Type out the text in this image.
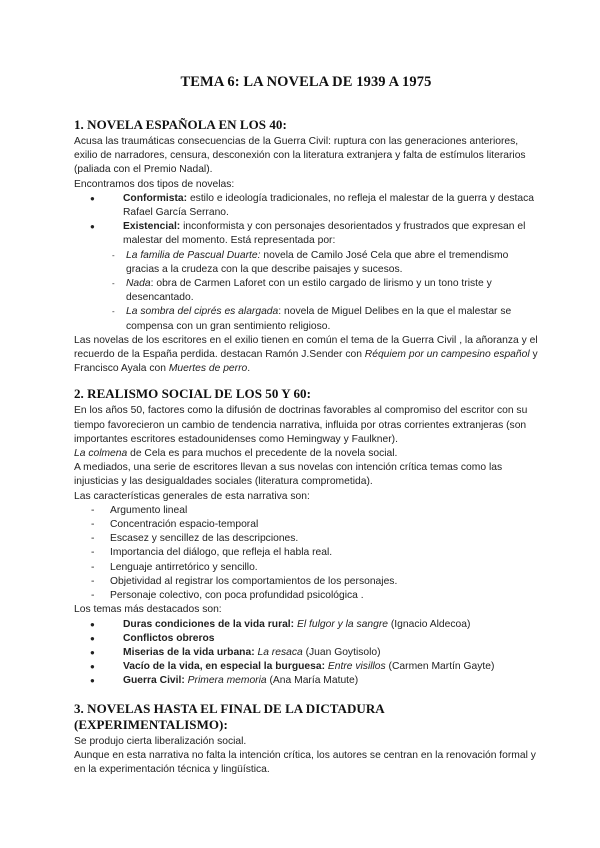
TEMA 6: LA NOVELA DE 1939 A 1975
1. NOVELA ESPAÑOLA EN LOS 40:

Acusa las traumáticas consecuencias de la Guerra Civil: ruptura con las generaciones anteriores, exilio de narradores, censura, desconexión con la literatura extranjera y falta de estímulos literarios (paliada con el Premio Nadal).

Encontramos dos tipos de novelas:

● Conformista: estilo e ideología tradicionales, no refleja el malestar de la guerra y destaca Rafael García Serrano.
● Existencial: inconformista y con personajes desorientados y frustrados que expresan el malestar del momento. Está representada por:
- La familia de Pascual Duarte: novela de Camilo José Cela que abre el tremendismo gracias a la crudeza con la que describe paisajes y sucesos.
- Nada: obra de Carmen Laforet con un estilo cargado de lirismo y un tono triste y desencantado.
- La sombra del ciprés es alargada: novela de Miguel Delibes en la que el malestar se compensa con un gran sentimiento religioso.

Las novelas de los escritores en el exilio tienen en común el tema de la Guerra Civil , la añoranza y el recuerdo de la España perdida. destacan Ramón J.Sender con Réquiem por un campesino español y Francisco Ayala con Muertes de perro.

2. REALISMO SOCIAL DE LOS 50 Y 60:

En los años 50, factores como la difusión de doctrinas favorables al compromiso del escritor con su tiempo favorecieron un cambio de tendencia narrativa, influida por otras corrientes extranjeras (son importantes escritores estadounidenses como Hemingway y Faulkner).

La colmena de Cela es para muchos el precedente de la novela social.

A mediados, una serie de escritores llevan a sus novelas con intención crítica temas como las injusticias y las desigualdades sociales (literatura comprometida).

Las características generales de esta narrativa son:

- Argumento lineal
- Concentración espacio-temporal
- Escasez y sencillez de las descripciones.
- Importancia del diálogo, que refleja el habla real.
- Lenguaje antirretórico y sencillo.
- Objetividad al registrar los comportamientos de los personajes.
- Personaje colectivo, con poca profundidad psicológica .

Los temas más destacados son:

● Duras condiciones de la vida rural: El fulgor y la sangre (Ignacio Aldecoa)
● Conflictos obreros
● Miserias de la vida urbana: La resaca (Juan Goytisolo)
● Vacío de la vida, en especial la burguesa: Entre visillos (Carmen Martín Gayte)
● Guerra Civil: Primera memoria (Ana María Matute)
3. NOVELAS HASTA EL FINAL DE LA DICTADURA (EXPERIMENTALISMO):

Se produjo cierta liberalización social.

Aunque en esta narrativa no falta la intención crítica, los autores se centran en la renovación formal y en la experimentación técnica y lingüística.
